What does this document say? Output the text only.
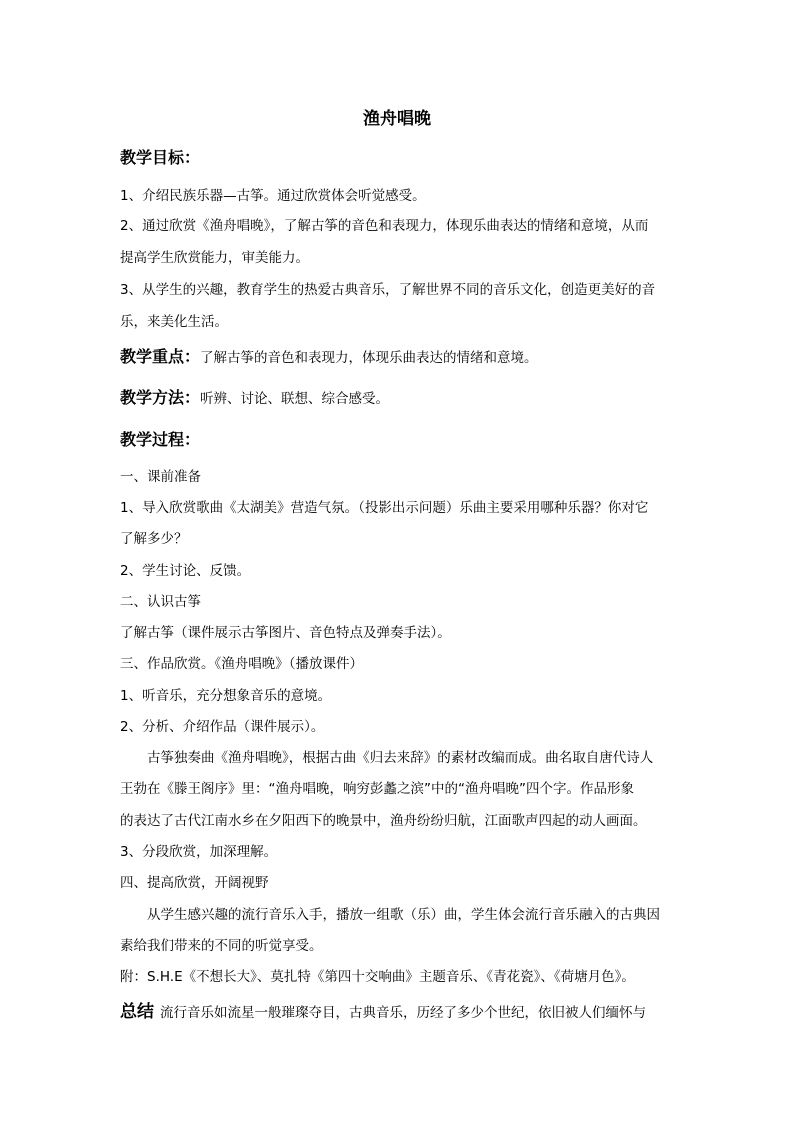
渔舟唱晚
教学目标：
1、介绍民族乐器—古筝。通过欣赏体会听觉感受。
2、通过欣赏《渔舟唱晚》，了解古筝的音色和表现力，体现乐曲表达的情绪和意境，从而
提高学生欣赏能力，审美能力。
3、从学生的兴趣，教育学生的热爱古典音乐，了解世界不同的音乐文化，创造更美好的音
乐，来美化生活。
教学重点：了解古筝的音色和表现力，体现乐曲表达的情绪和意境。
教学方法：听辨、讨论、联想、综合感受。
教学过程：
一、课前准备
1、导入欣赏歌曲《太湖美》营造气氛。（投影出示问题）乐曲主要采用哪种乐器？你对它
了解多少？
2、学生讨论、反馈。
二、认识古筝
了解古筝（课件展示古筝图片、音色特点及弹奏手法）。
三、作品欣赏。《渔舟唱晚》（播放课件）
1、听音乐，充分想象音乐的意境。
2、分析、介绍作品（课件展示）。
古筝独奏曲《渔舟唱晚》，根据古曲《归去来辞》的素材改编而成。曲名取自唐代诗人
王勃在《滕王阁序》里：“渔舟唱晚，响穷彭蠡之滨”中的“渔舟唱晚”四个字。作品形象
的表达了古代江南水乡在夕阳西下的晚景中，渔舟纷纷归航，江面歌声四起的动人画面。
3、分段欣赏，加深理解。
四、提高欣赏，开阔视野
从学生感兴趣的流行音乐入手，播放一组歌（乐）曲，学生体会流行音乐融入的古典因
素给我们带来的不同的听觉享受。
附：S.H.E《不想长大》、莫扎特《第四十交响曲》主题音乐、《青花瓷》、《荷塘月色》。
总结 流行音乐如流星一般璀璨夺目，古典音乐，历经了多少个世纪，依旧被人们缅怀与
